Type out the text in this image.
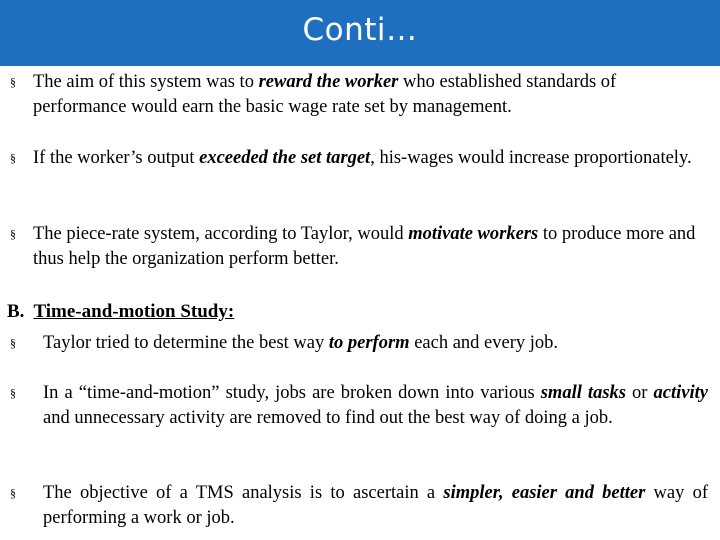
Conti…
§ The aim of this system was to reward the worker who established standards of performance would earn the basic wage rate set by management.
§ If the worker’s output exceeded the set target, his-wages would increase proportionately.
§ The piece-rate system, according to Taylor, would motivate workers to produce more and thus help the organization perform better.
B. Time-and-motion Study:
§ Taylor tried to determine the best way to perform each and every job.
§ In a “time-and-motion” study, jobs are broken down into various small tasks or activity and unnecessary activity are removed to find out the best way of doing a job.
§ The objective of a TMS analysis is to ascertain a simpler, easier and better way of performing a work or job.
